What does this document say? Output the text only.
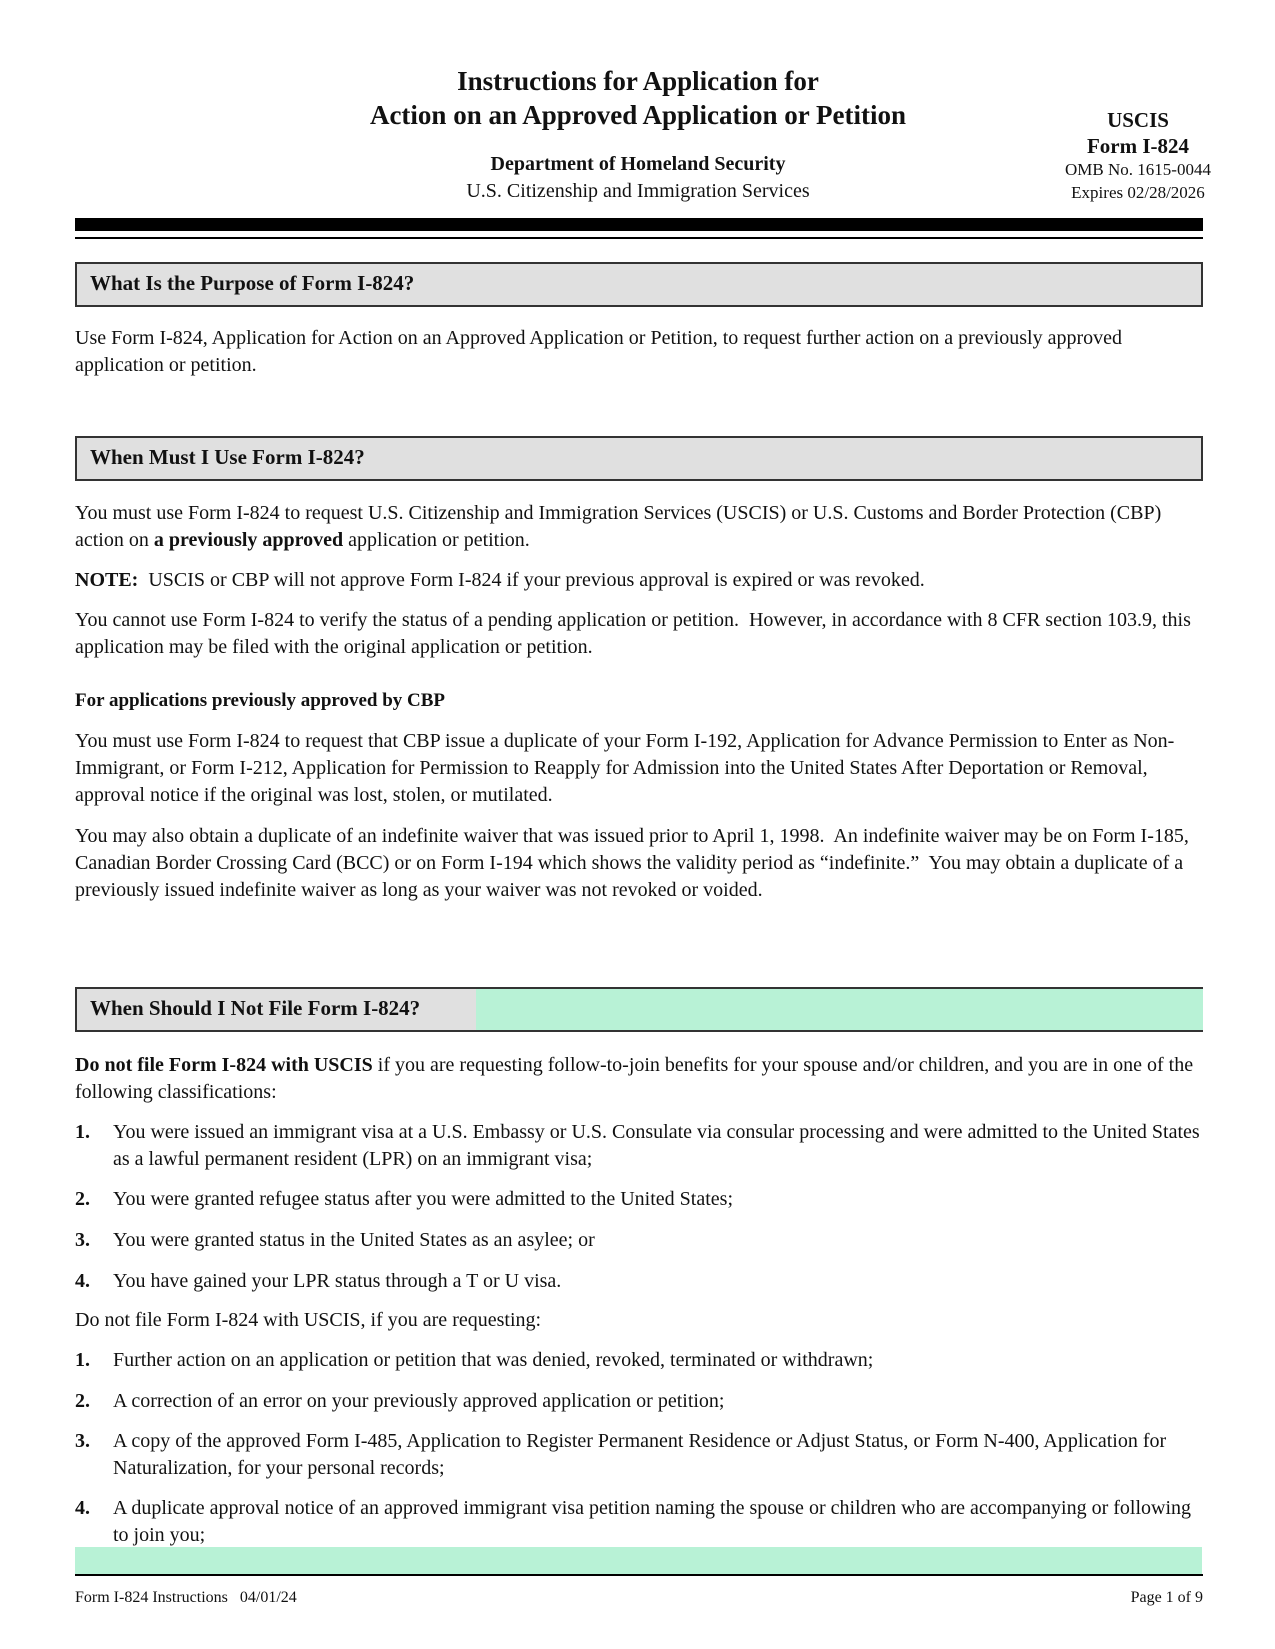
Instructions for Application for
Action on an Approved Application or Petition
Department of Homeland Security
U.S. Citizenship and Immigration Services
USCIS
Form I-824
OMB No. 1615-0044
Expires 02/28/2026
What Is the Purpose of Form I-824?
Use Form I-824, Application for Action on an Approved Application or Petition, to request further action on a previously approved application or petition.
When Must I Use Form I-824?
You must use Form I-824 to request U.S. Citizenship and Immigration Services (USCIS) or U.S. Customs and Border Protection (CBP) action on a previously approved application or petition.
NOTE:  USCIS or CBP will not approve Form I-824 if your previous approval is expired or was revoked.
You cannot use Form I-824 to verify the status of a pending application or petition.  However, in accordance with 8 CFR section 103.9, this application may be filed with the original application or petition.
For applications previously approved by CBP
You must use Form I-824 to request that CBP issue a duplicate of your Form I-192, Application for Advance Permission to Enter as Non-Immigrant, or Form I-212, Application for Permission to Reapply for Admission into the United States After Deportation or Removal, approval notice if the original was lost, stolen, or mutilated.
You may also obtain a duplicate of an indefinite waiver that was issued prior to April 1, 1998.  An indefinite waiver may be on Form I-185, Canadian Border Crossing Card (BCC) or on Form I-194 which shows the validity period as “indefinite.”  You may obtain a duplicate of a previously issued indefinite waiver as long as your waiver was not revoked or voided.
When Should I Not File Form I-824?
Do not file Form I-824 with USCIS if you are requesting follow-to-join benefits for your spouse and/or children, and you are in one of the following classifications:
1. You were issued an immigrant visa at a U.S. Embassy or U.S. Consulate via consular processing and were admitted to the United States as a lawful permanent resident (LPR) on an immigrant visa;
2. You were granted refugee status after you were admitted to the United States;
3. You were granted status in the United States as an asylee; or
4. You have gained your LPR status through a T or U visa.
Do not file Form I-824 with USCIS, if you are requesting:
1. Further action on an application or petition that was denied, revoked, terminated or withdrawn;
2. A correction of an error on your previously approved application or petition;
3. A copy of the approved Form I-485, Application to Register Permanent Residence or Adjust Status, or Form N-400, Application for Naturalization, for your personal records;
4. A duplicate approval notice of an approved immigrant visa petition naming the spouse or children who are accompanying or following to join you;
Form I-824 Instructions   04/01/24	Page 1 of 9
